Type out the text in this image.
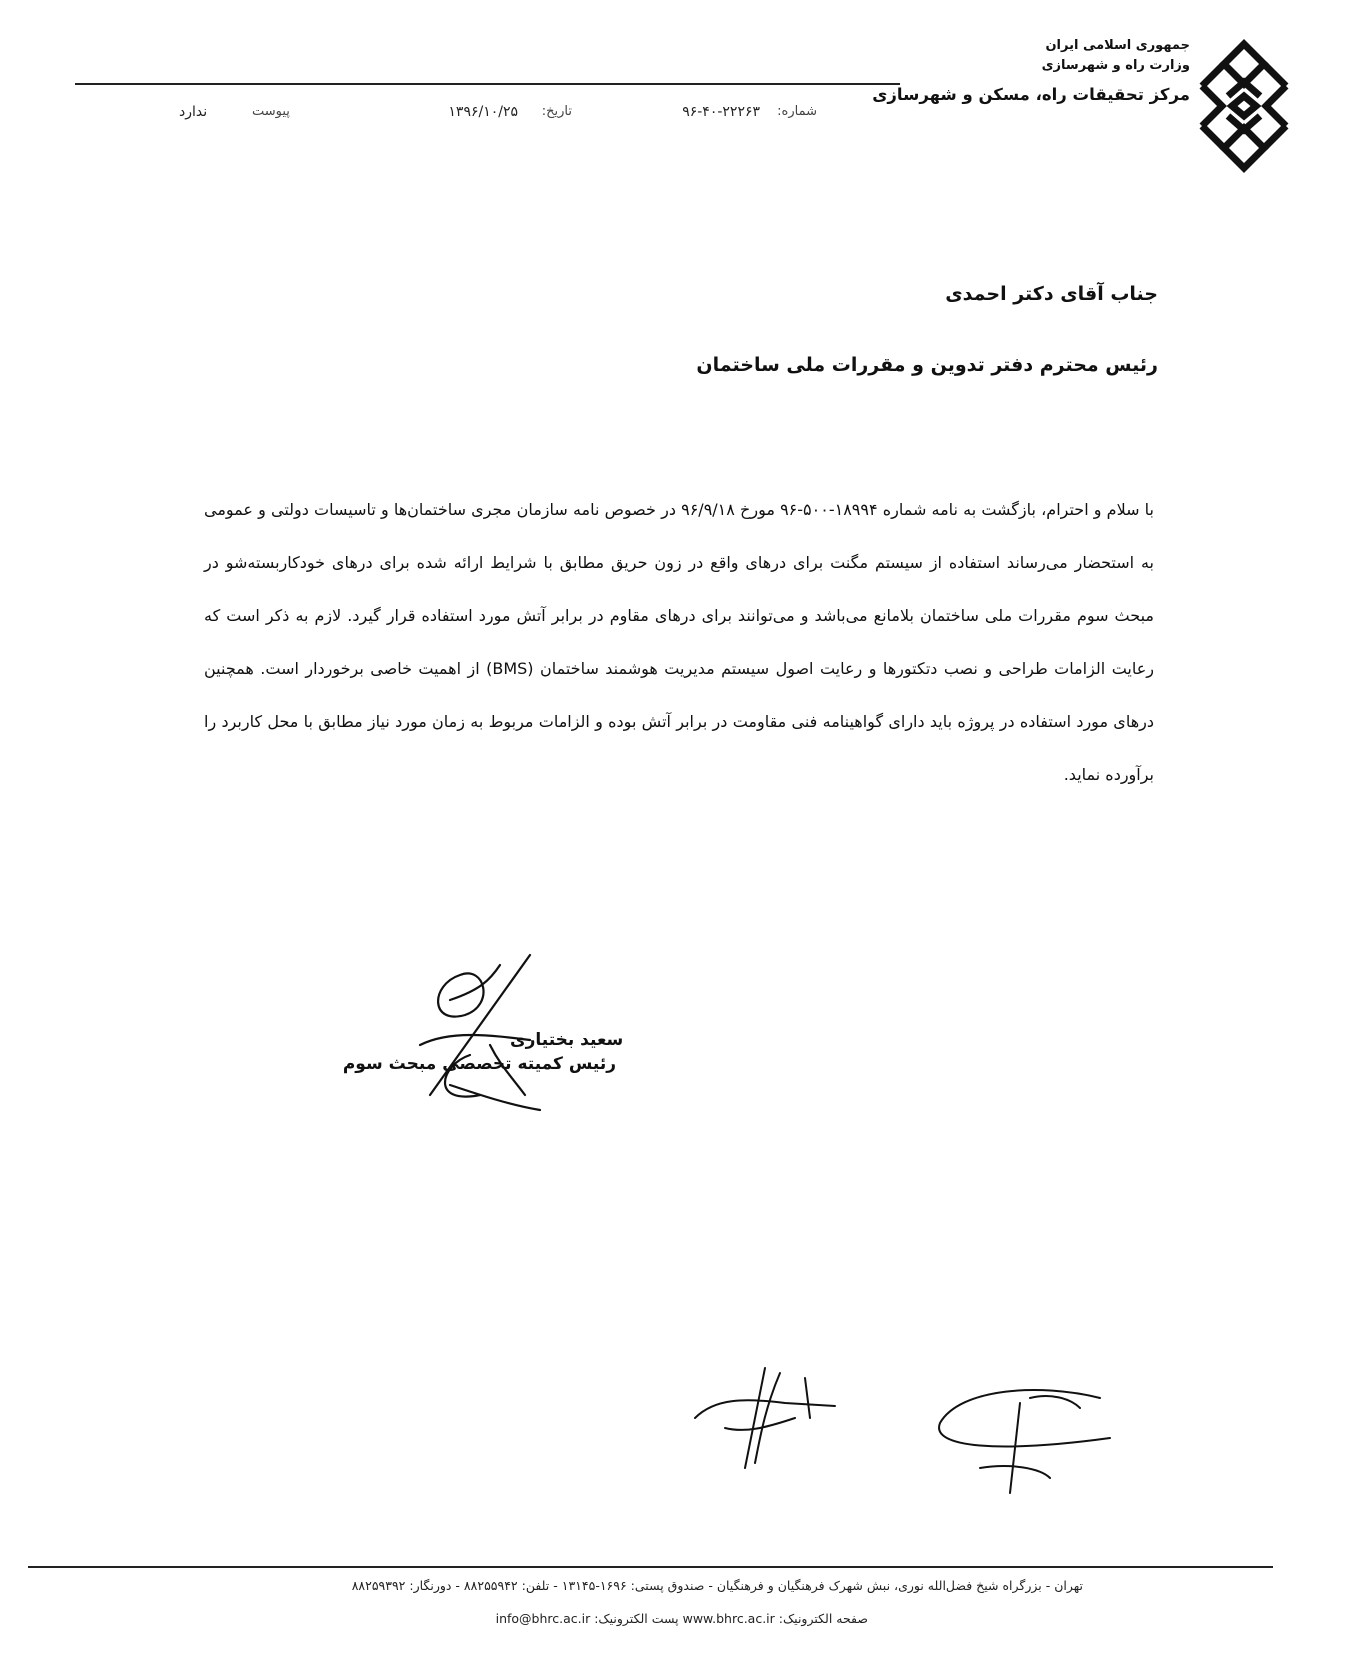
جمهوری اسلامی ایران
وزارت راه و شهرسازی
مرکز تحقیقات راه، مسکن و شهرسازی
شماره:
۹۶-۴۰-۲۲۲۶۳
تاریخ:
۱۳۹۶/۱۰/۲۵
پیوست
ندارد
جناب آقای دکتر احمدی
رئیس محترم دفتر تدوین و مقررات ملی ساختمان
با سلام و احترام، بازگشت به نامه شماره ۱۸۹۹۴-۵۰۰-۹۶ مورخ ۹۶/۹/۱۸ در خصوص نامه سازمان مجری ساختمان‌ها و تاسیسات دولتی و عمومی به استحضار می‌رساند استفاده از سیستم مگنت برای درهای واقع در زون حریق مطابق با شرایط ارائه شده برای درهای خودکاربسته‌شو در مبحث سوم مقررات ملی ساختمان بلامانع می‌باشد و می‌توانند برای درهای مقاوم در برابر آتش مورد استفاده قرار گیرد. لازم به ذکر است که رعایت الزامات طراحی و نصب دتکتورها و رعایت اصول سیستم مدیریت هوشمند ساختمان (BMS) از اهمیت خاصی برخوردار است. همچنین درهای مورد استفاده در پروژه باید دارای گواهینامه فنی مقاومت در برابر آتش بوده و الزامات مربوط به زمان مورد نیاز مطابق با محل کاربرد را برآورده نماید.
سعید بختیاری
رئیس کمیته تخصصی مبحث سوم
تهران - بزرگراه شیخ فضل‌الله نوری، نبش شهرک فرهنگیان و فرهنگیان - صندوق پستی: ۱۶۹۶-۱۳۱۴۵ - تلفن: ۸۸۲۵۵۹۴۲ - دورنگار: ۸۸۲۵۹۳۹۲
صفحه الکترونیک: www.bhrc.ac.ir پست الکترونیک: info@bhrc.ac.ir
